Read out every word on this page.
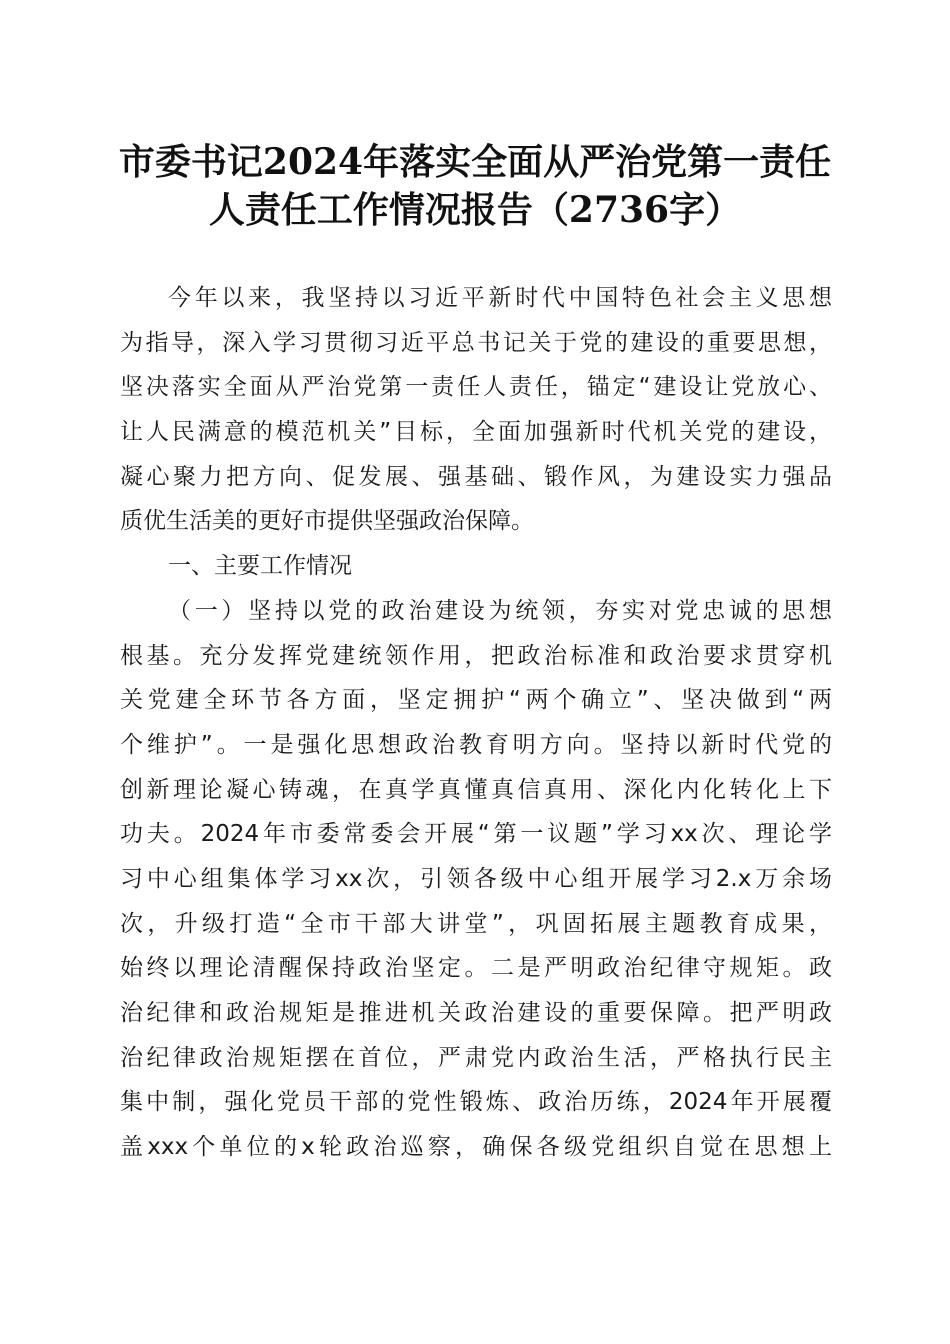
市委书记2024年落实全面从严治党第一责任
人责任工作情况报告（2736字）
今年以来，我坚持以习近平新时代中国特色社会主义思想
为指导，深入学习贯彻习近平总书记关于党的建设的重要思想，
坚决落实全面从严治党第一责任人责任，锚定“建设让党放心、
让人民满意的模范机关”目标，全面加强新时代机关党的建设，
凝心聚力把方向、促发展、强基础、锻作风，为建设实力强品
质优生活美的更好市提供坚强政治保障。
一、主要工作情况
（一）坚持以党的政治建设为统领，夯实对党忠诚的思想
根基。充分发挥党建统领作用，把政治标准和政治要求贯穿机
关党建全环节各方面，坚定拥护“两个确立”、坚决做到“两
个维护”。一是强化思想政治教育明方向。坚持以新时代党的
创新理论凝心铸魂，在真学真懂真信真用、深化内化转化上下
功夫。2024年市委常委会开展“第一议题”学习xx次、理论学
习中心组集体学习xx次，引领各级中心组开展学习2.x万余场
次，升级打造“全市干部大讲堂”，巩固拓展主题教育成果，
始终以理论清醒保持政治坚定。二是严明政治纪律守规矩。政
治纪律和政治规矩是推进机关政治建设的重要保障。把严明政
治纪律政治规矩摆在首位，严肃党内政治生活，严格执行民主
集中制，强化党员干部的党性锻炼、政治历练，2024年开展覆
盖xxx个单位的x轮政治巡察，确保各级党组织自觉在思想上
